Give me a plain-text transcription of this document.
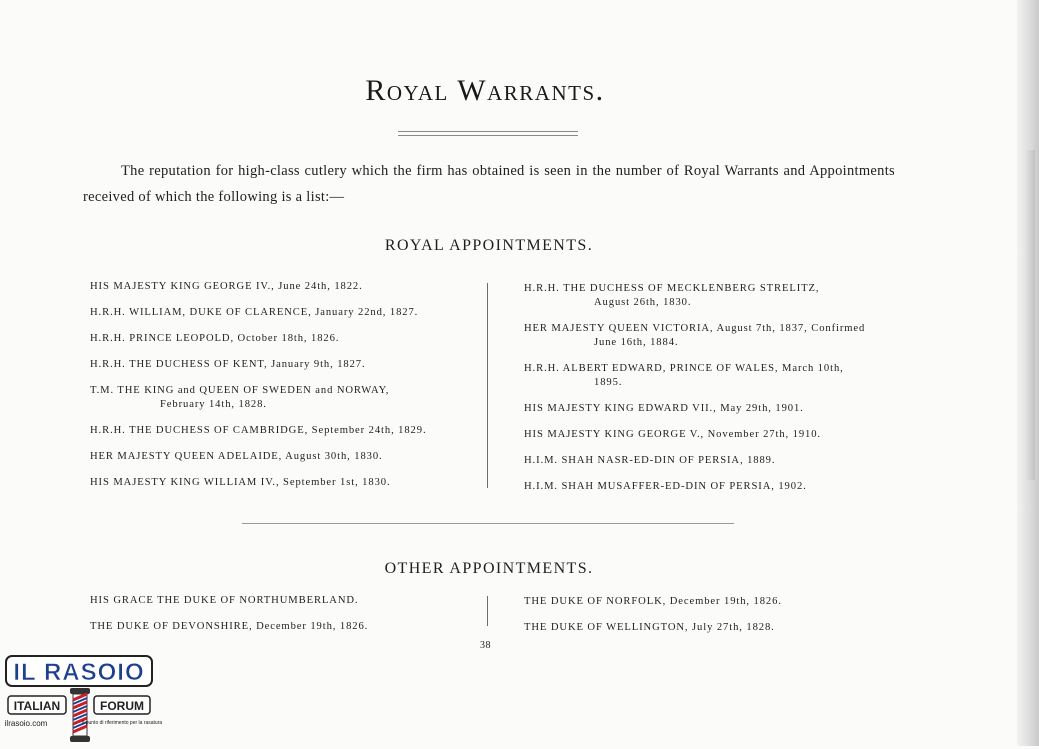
Royal Warrants.
The reputation for high-class cutlery which the firm has obtained is seen in the number of Royal Warrants and Appointments received of which the following is a list:—
ROYAL APPOINTMENTS.
HIS MAJESTY KING GEORGE IV., June 24th, 1822.
H.R.H. WILLIAM, DUKE OF CLARENCE, January 22nd, 1827.
H.R.H. PRINCE LEOPOLD, October 18th, 1826.
H.R.H. THE DUCHESS OF KENT, January 9th, 1827.
T.M. THE KING and QUEEN OF SWEDEN and NORWAY,
February 14th, 1828.
H.R.H. THE DUCHESS OF CAMBRIDGE, September 24th, 1829.
HER MAJESTY QUEEN ADELAIDE, August 30th, 1830.
HIS MAJESTY KING WILLIAM IV., September 1st, 1830.
H.R.H. THE DUCHESS OF MECKLENBERG STRELITZ,
August 26th, 1830.
HER MAJESTY QUEEN VICTORIA, August 7th, 1837, Confirmed
June 16th, 1884.
H.R.H. ALBERT EDWARD, PRINCE OF WALES, March 10th,
1895.
HIS MAJESTY KING EDWARD VII., May 29th, 1901.
HIS MAJESTY KING GEORGE V., November 27th, 1910.
H.I.M. SHAH NASR-ED-DIN OF PERSIA, 1889.
H.I.M. SHAH MUSAFFER-ED-DIN OF PERSIA, 1902.
OTHER APPOINTMENTS.
HIS GRACE THE DUKE OF NORTHUMBERLAND.
THE DUKE OF DEVONSHIRE, December 19th, 1826.
THE DUKE OF NORFOLK, December 19th, 1826.
THE DUKE OF WELLINGTON, July 27th, 1828.
38
IL RASOIO
ITALIAN	FORUM
ilrasoio.com	Il punto di riferimento per la rasatura
